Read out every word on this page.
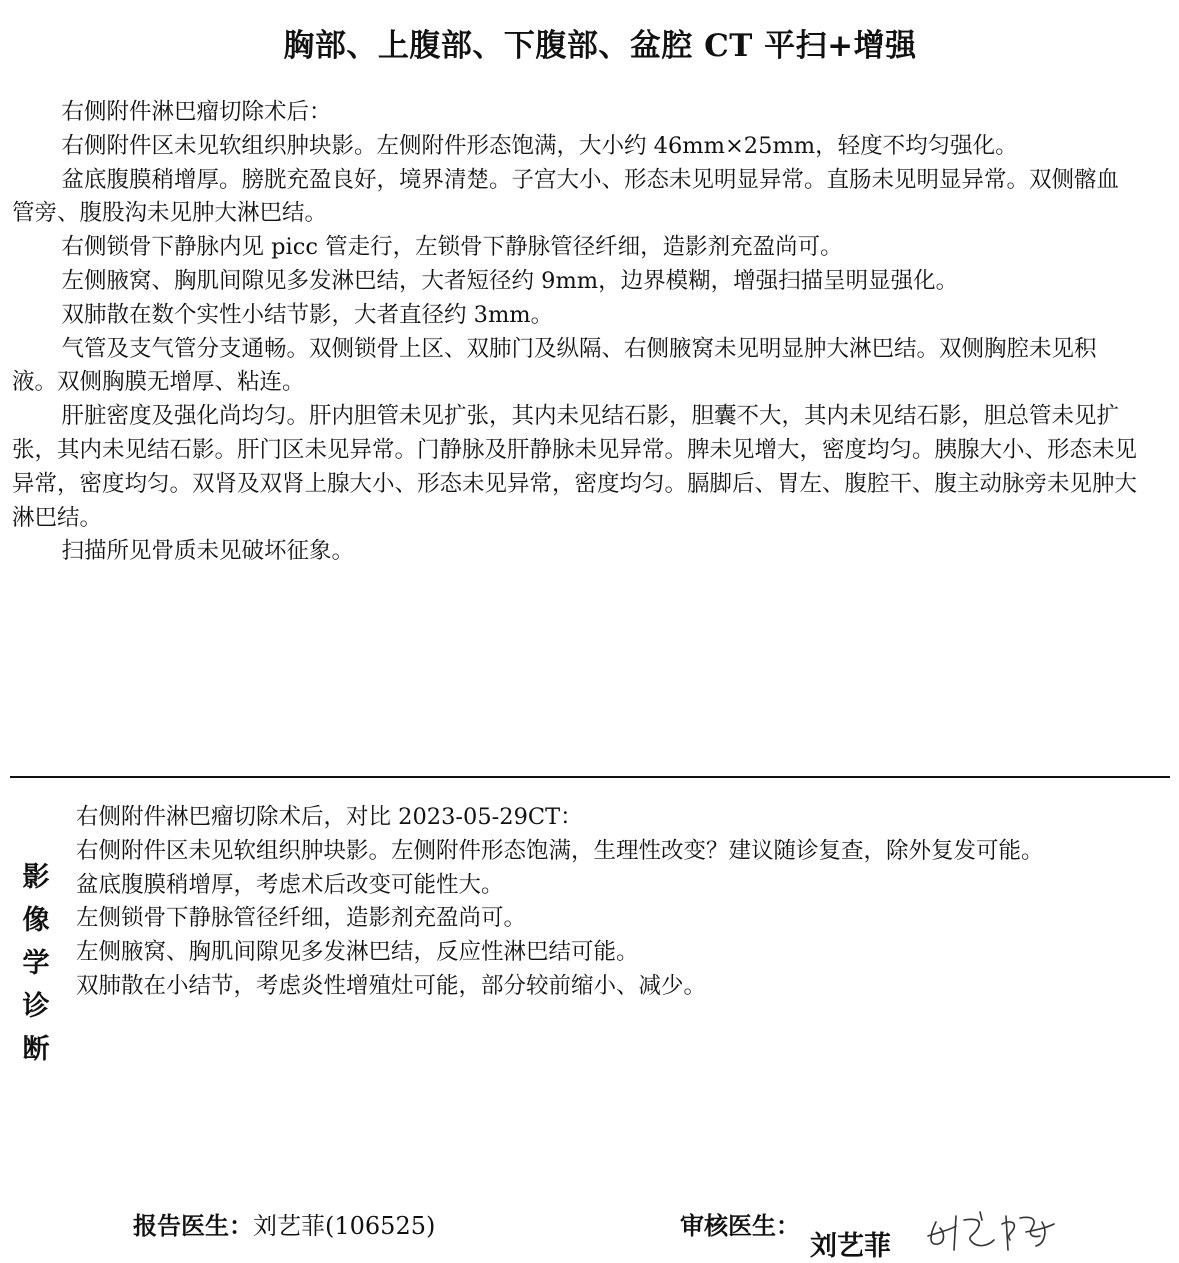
胸部、上腹部、下腹部、盆腔 CT 平扫+增强

右侧附件淋巴瘤切除术后：

右侧附件区未见软组织肿块影。左侧附件形态饱满，大小约 46mm×25mm，轻度不均匀强化。

盆底腹膜稍增厚。膀胱充盈良好，境界清楚。子宫大小、形态未见明显异常。直肠未见明显异常。双侧髂血管旁、腹股沟未见肿大淋巴结。

右侧锁骨下静脉内见 picc 管走行，左锁骨下静脉管径纤细，造影剂充盈尚可。

左侧腋窝、胸肌间隙见多发淋巴结，大者短径约 9mm，边界模糊，增强扫描呈明显强化。

双肺散在数个实性小结节影，大者直径约 3mm。

气管及支气管分支通畅。双侧锁骨上区、双肺门及纵隔、右侧腋窝未见明显肿大淋巴结。双侧胸腔未见积液。双侧胸膜无增厚、粘连。

肝脏密度及强化尚均匀。肝内胆管未见扩张，其内未见结石影，胆囊不大，其内未见结石影，胆总管未见扩张，其内未见结石影。肝门区未见异常。门静脉及肝静脉未见异常。脾未见增大，密度均匀。胰腺大小、形态未见异常，密度均匀。双肾及双肾上腺大小、形态未见异常，密度均匀。膈脚后、胃左、腹腔干、腹主动脉旁未见肿大淋巴结。

扫描所见骨质未见破坏征象。

影
像
学
诊
断

右侧附件淋巴瘤切除术后，对比 2023-05-29CT：

右侧附件区未见软组织肿块影。左侧附件形态饱满，生理性改变？建议随诊复查，除外复发可能。

盆底腹膜稍增厚，考虑术后改变可能性大。

左侧锁骨下静脉管径纤细，造影剂充盈尚可。

左侧腋窝、胸肌间隙见多发淋巴结，反应性淋巴结可能。

双肺散在小结节，考虑炎性增殖灶可能，部分较前缩小、减少。

报告医生：刘艺菲(106525)	审核医生：
刘艺菲
